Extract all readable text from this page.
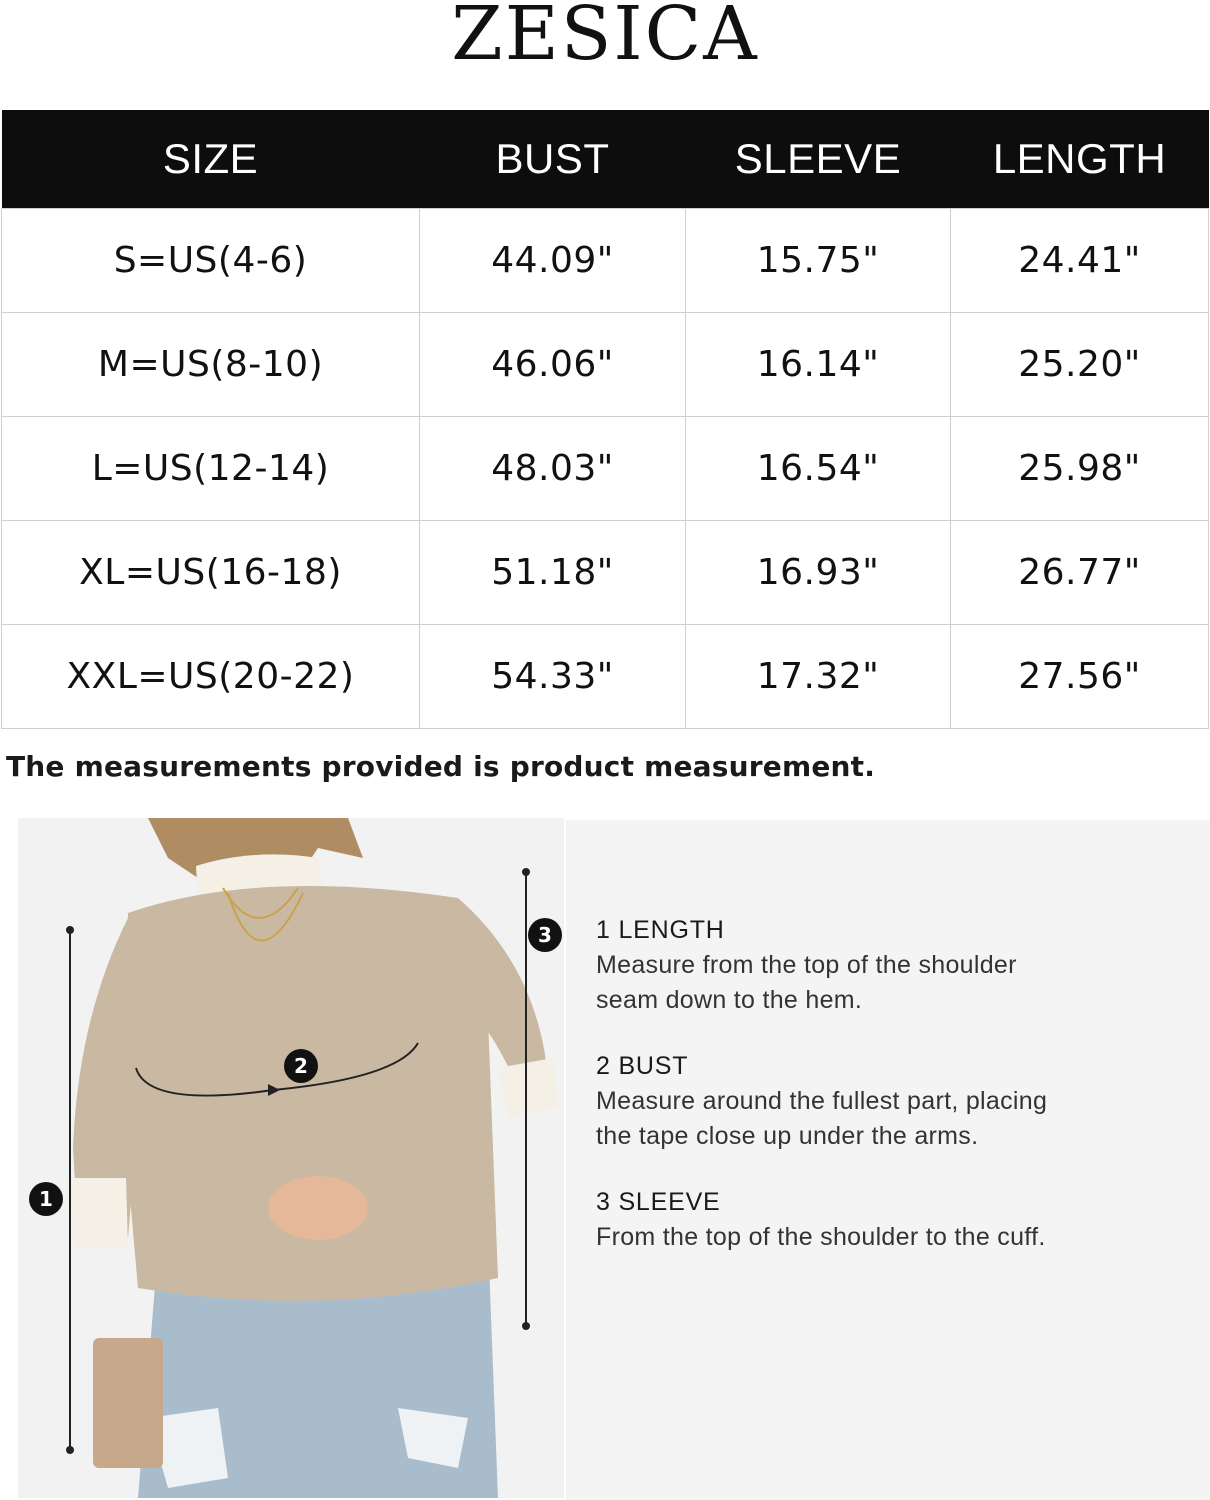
ZESICA
SIZE	BUST	SLEEVE	LENGTH
S=US(4-6)	44.09"	15.75"	24.41"
M=US(8-10)	46.06"	16.14"	25.20"
L=US(12-14)	48.03"	16.54"	25.98"
XL=US(16-18)	51.18"	16.93"	26.77"
XXL=US(20-22)	54.33"	17.32"	27.56"
The measurements provided is product measurement.
1
2
3	1 LENGTH
Measure from the top of the shoulder
seam down to the hem.
2 BUST
Measure around the fullest part, placing
the tape close up under the arms.
3 SLEEVE
From the top of the shoulder to the cuff.
